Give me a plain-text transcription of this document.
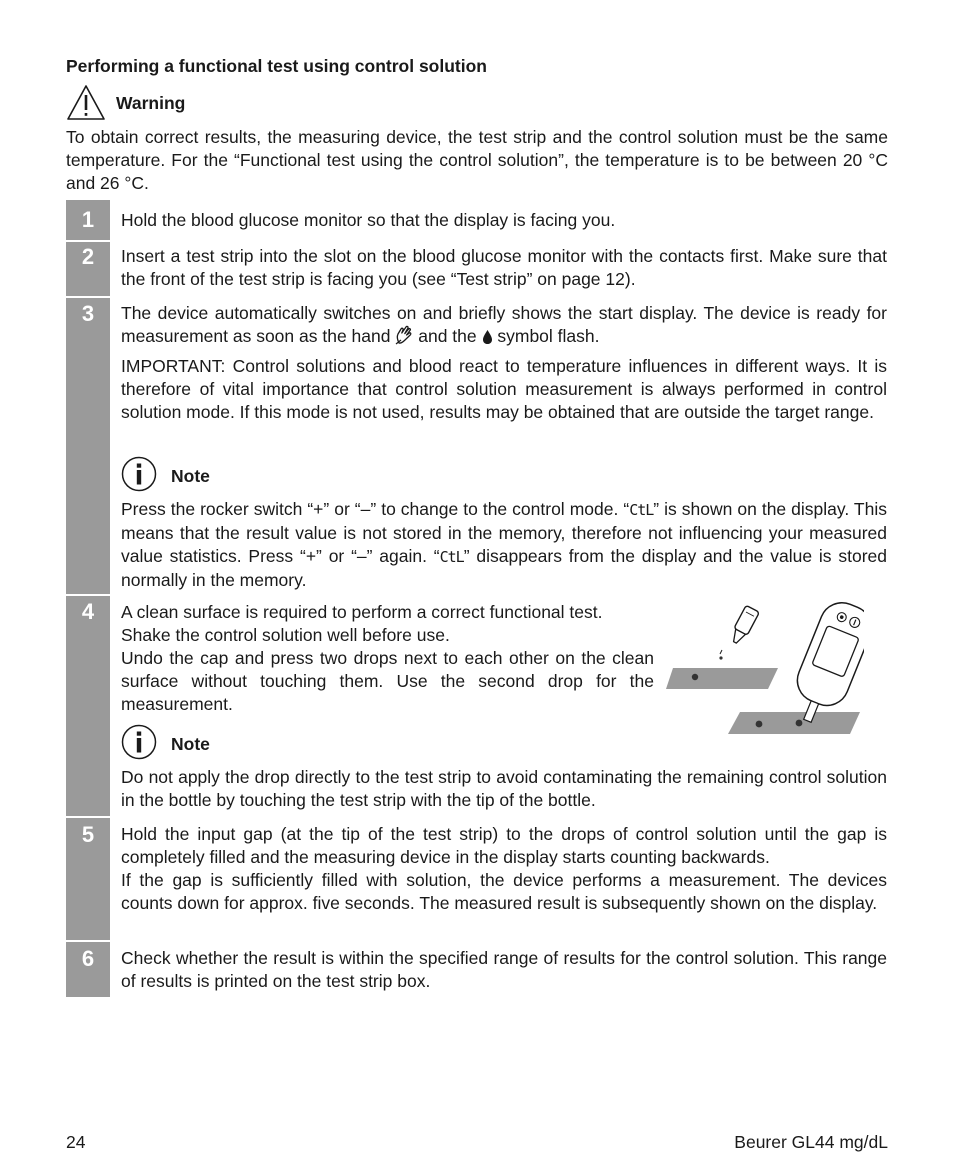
Performing a functional test using control solution
Warning
To obtain correct results, the measuring device, the test strip and the control solution must be the same temperature. For the “Functional test using the control solution”, the temperature is to be between 20 °C and 26 °C.
1
2
3
4
5
6
Hold the blood glucose monitor so that the display is facing you.
Insert a test strip into the slot on the blood glucose monitor with the contacts first. Make sure that the front of the test strip is facing you (see “Test strip” on page 12).
The device automatically switches on and briefly shows the start display. The device is ready for measurement as soon as the hand and the symbol flash.
IMPORTANT: Control solutions and blood react to temperature influences in different ways. It is therefore of vital importance that control solution measurement is always performed in control solution mode. If this mode is not used, results may be obtained that are outside the target range.
Note
Press the rocker switch “+” or “–” to change to the control mode. “CtL” is shown on the display. This means that the result value is not stored in the memory, therefore not influencing your measured value statistics. Press “+” or “–” again. “CtL” disappears from the display and the value is stored normally in the memory.
A clean surface is required to perform a correct functional test.
Shake the control solution well before use.
Undo the cap and press two drops next to each other on the clean surface without touching them. Use the second drop for the measurement.
Note
Do not apply the drop directly to the test strip to avoid contaminating the remaining control solution in the bottle by touching the test strip with the tip of the bottle.
Hold the input gap (at the tip of the test strip) to the drops of control solution until the gap is completely filled and the measuring device in the display starts counting backwards.
If the gap is sufficiently filled with solution, the device performs a measurement. The devices counts down for approx. five seconds. The measured result is subsequently shown on the display.
Check whether the result is within the specified range of results for the control solution. This range of results is printed on the test strip box.
24	Beurer GL44 mg/dL
